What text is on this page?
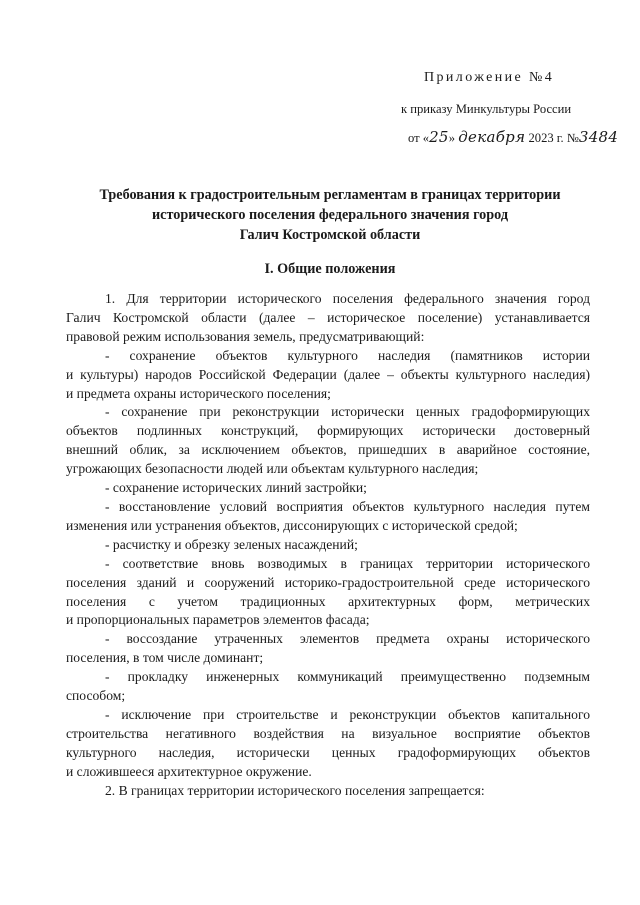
Приложение №4
к приказу Минкультуры России
от «25» декабря 2023 г. №3484
Требования к градостроительным регламентам в границах территории
исторического поселения федерального значения город
Галич Костромской области
I. Общие положения

1. Для территории исторического поселения федерального значения город
Галич Костромской области (далее – историческое поселение) устанавливается
правовой режим использования земель, предусматривающий:

- сохранение объектов культурного наследия (памятников истории
и культуры) народов Российской Федерации (далее – объекты культурного наследия)
и предмета охраны исторического поселения;

- сохранение при реконструкции исторически ценных градоформирующих
объектов подлинных конструкций, формирующих исторически достоверный
внешний облик, за исключением объектов, пришедших в аварийное состояние,
угрожающих безопасности людей или объектам культурного наследия;

- сохранение исторических линий застройки;

- восстановление условий восприятия объектов культурного наследия путем
изменения или устранения объектов, диссонирующих с исторической средой;

- расчистку и обрезку зеленых насаждений;

- соответствие вновь возводимых в границах территории исторического
поселения зданий и сооружений историко-градостроительной среде исторического
поселения с учетом традиционных архитектурных форм, метрических
и пропорциональных параметров элементов фасада;

- воссоздание утраченных элементов предмета охраны исторического
поселения, в том числе доминант;

- прокладку инженерных коммуникаций преимущественно подземным
способом;

- исключение при строительстве и реконструкции объектов капитального
строительства негативного воздействия на визуальное восприятие объектов
культурного наследия, исторически ценных градоформирующих объектов
и сложившееся архитектурное окружение.

2. В границах территории исторического поселения запрещается:
